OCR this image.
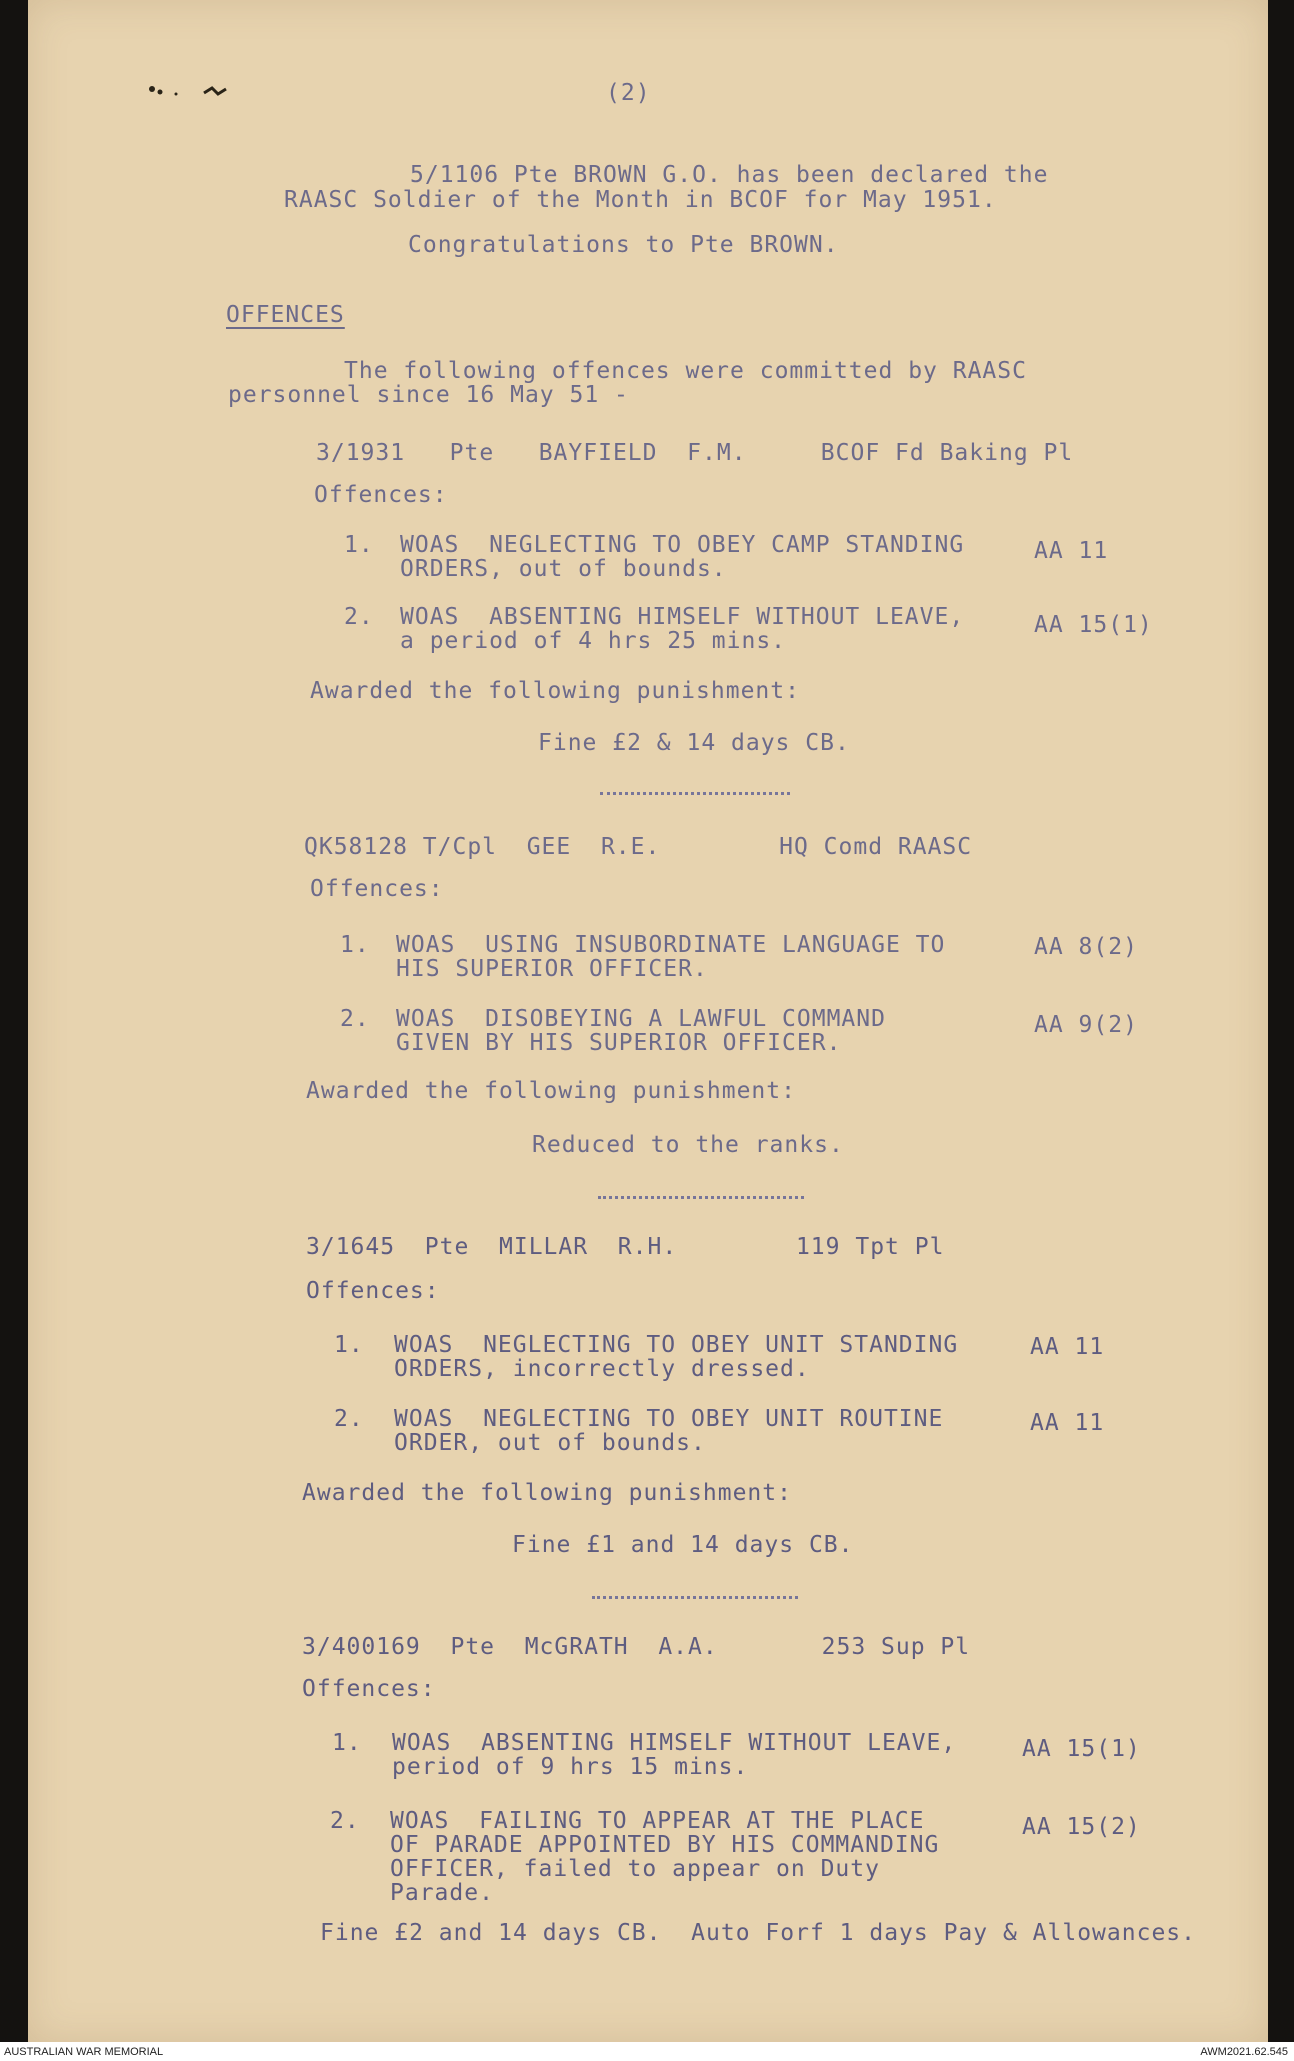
(2)
5/1106 Pte BROWN G.O. has been declared the
RAASC Soldier of the Month in BCOF for May 1951.
Congratulations to Pte BROWN.
OFFENCES
The following offences were committed by RAASC
personnel since 16 May 51 -
3/1931   Pte   BAYFIELD  F.M.     BCOF Fd Baking Pl
Offences:
1. WOAS  NEGLECTING TO OBEY CAMP STANDING
ORDERS, out of bounds.
AA 11
2. WOAS  ABSENTING HIMSELF WITHOUT LEAVE,
a period of 4 hrs 25 mins.
AA 15(1)
Awarded the following punishment:
Fine £2 & 14 days CB.
QK58128 T/Cpl  GEE  R.E.        HQ Comd RAASC
Offences:
1. WOAS  USING INSUBORDINATE LANGUAGE TO
HIS SUPERIOR OFFICER.
AA 8(2)
2. WOAS  DISOBEYING A LAWFUL COMMAND
GIVEN BY HIS SUPERIOR OFFICER.
AA 9(2)
Awarded the following punishment:
Reduced to the ranks.
3/1645  Pte  MILLAR  R.H.        119 Tpt Pl
Offences:
1. WOAS  NEGLECTING TO OBEY UNIT STANDING
ORDERS, incorrectly dressed.
AA 11
2. WOAS  NEGLECTING TO OBEY UNIT ROUTINE
ORDER, out of bounds.
AA 11
Awarded the following punishment:
Fine £1 and 14 days CB.
3/400169  Pte  McGRATH  A.A.       253 Sup Pl
Offences:
1. WOAS  ABSENTING HIMSELF WITHOUT LEAVE,
period of 9 hrs 15 mins.
AA 15(1)
2. WOAS  FAILING TO APPEAR AT THE PLACE
OF PARADE APPOINTED BY HIS COMMANDING
OFFICER, failed to appear on Duty
Parade.
AA 15(2)
Fine £2 and 14 days CB.  Auto Forf 1 days Pay & Allowances.
AUSTRALIAN WAR MEMORIAL	AWM2021.62.545
